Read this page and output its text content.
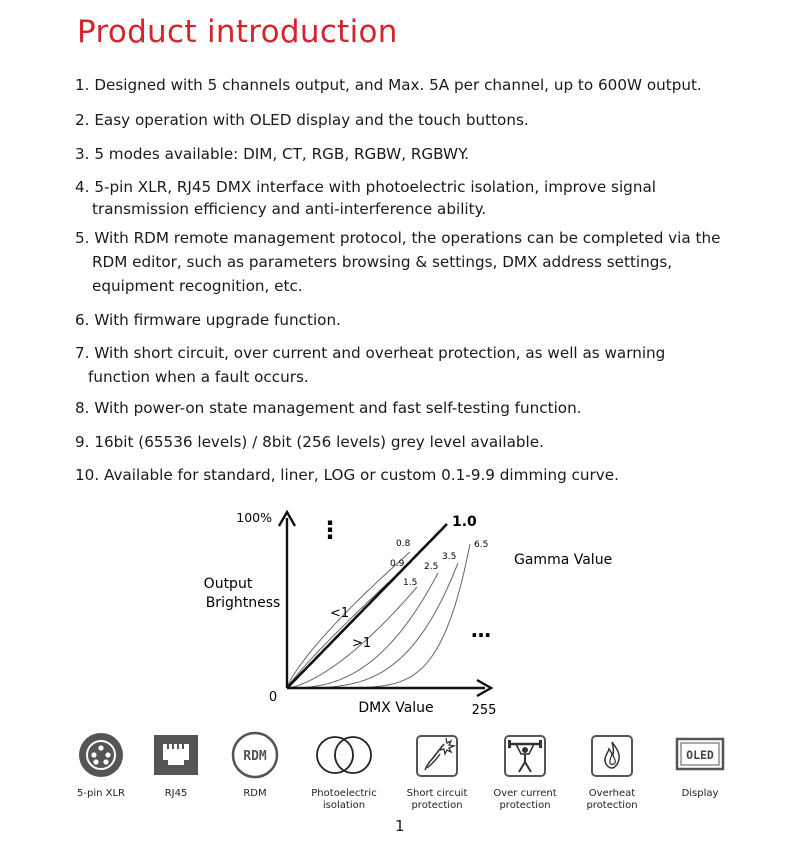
Product introduction
1. Designed with 5 channels output, and Max. 5A per channel, up to 600W output.
2. Easy operation with OLED display and the touch buttons.
3. 5 modes available: DIM, CT, RGB, RGBW, RGBWY.
4. 5-pin XLR, RJ45 DMX interface with photoelectric isolation, improve signal
transmission efficiency and anti-interference ability.
5. With RDM remote management protocol, the operations can be completed via the
RDM editor, such as parameters browsing & settings, DMX address settings,
equipment recognition, etc.
6. With firmware upgrade function.
7. With short circuit, over current and overheat protection, as well as warning
function when a fault occurs.
8. With power-on state management and fast self-testing function.
9. 16bit (65536 levels) / 8bit (256 levels) grey level available.
10. Available for standard, liner, LOG or custom 0.1-9.9 dimming curve.
100%
0
255
Output
Brightness
DMX Value
1.0
Gamma Value
<1
>1
⋮
…
0.8
0.9
1.5
2.5
3.5
6.5
5-pin XLR	RJ45
RDM
RDM	Photoelectric
isolation
Short circuit
protection
Over current
protection
Overheat
protection
OLED
Display
1
